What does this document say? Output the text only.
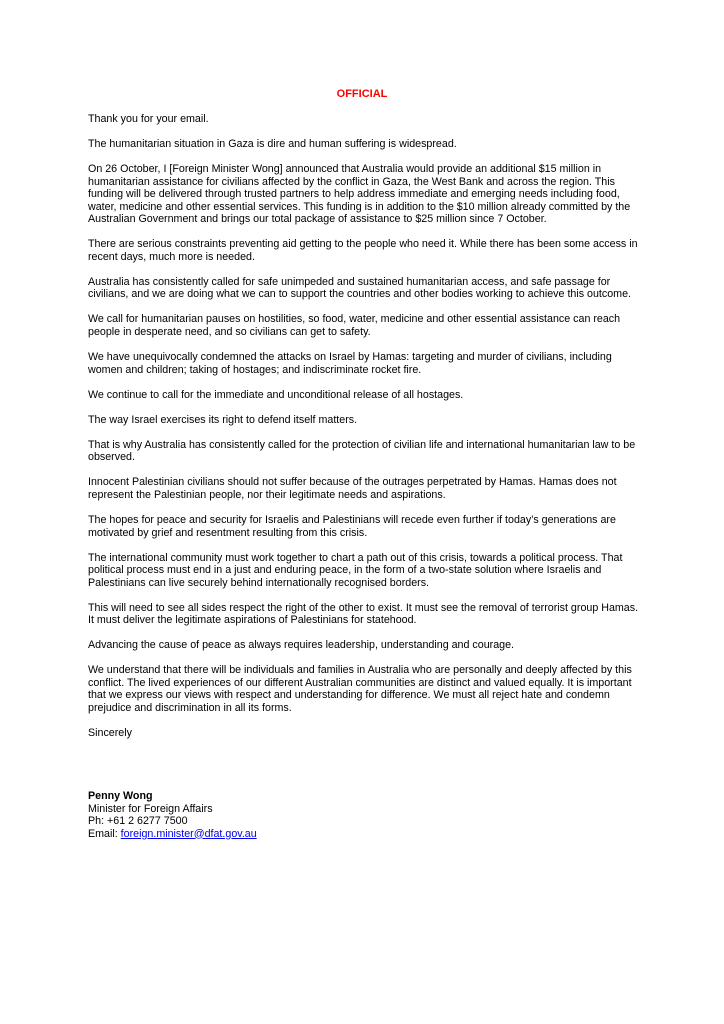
OFFICIAL

Thank you for your email.

The humanitarian situation in Gaza is dire and human suffering is widespread.

On 26 October, I [Foreign Minister Wong] announced that Australia would provide an additional $15 million in humanitarian assistance for civilians affected by the conflict in Gaza, the West Bank and across the region. This funding will be delivered through trusted partners to help address immediate and emerging needs including food, water, medicine and other essential services. This funding is in addition to the $10 million already committed by the Australian Government and brings our total package of assistance to $25 million since 7 October.

There are serious constraints preventing aid getting to the people who need it. While there has been some access in recent days, much more is needed.

Australia has consistently called for safe unimpeded and sustained humanitarian access, and safe passage for civilians, and we are doing what we can to support the countries and other bodies working to achieve this outcome.

We call for humanitarian pauses on hostilities, so food, water, medicine and other essential assistance can reach people in desperate need, and so civilians can get to safety.

We have unequivocally condemned the attacks on Israel by Hamas: targeting and murder of civilians, including women and children; taking of hostages; and indiscriminate rocket fire.

We continue to call for the immediate and unconditional release of all hostages.

The way Israel exercises its right to defend itself matters.

That is why Australia has consistently called for the protection of civilian life and international humanitarian law to be observed.

Innocent Palestinian civilians should not suffer because of the outrages perpetrated by Hamas. Hamas does not represent the Palestinian people, nor their legitimate needs and aspirations.

The hopes for peace and security for Israelis and Palestinians will recede even further if today’s generations are motivated by grief and resentment resulting from this crisis.

The international community must work together to chart a path out of this crisis, towards a political process. That political process must end in a just and enduring peace, in the form of a two-state solution where Israelis and Palestinians can live securely behind internationally recognised borders.

This will need to see all sides respect the right of the other to exist. It must see the removal of terrorist group Hamas. It must deliver the legitimate aspirations of Palestinians for statehood.

Advancing the cause of peace as always requires leadership, understanding and courage.

We understand that there will be individuals and families in Australia who are personally and deeply affected by this conflict. The lived experiences of our different Australian communities are distinct and valued equally. It is important that we express our views with respect and understanding for difference. We must all reject hate and condemn prejudice and discrimination in all its forms.

Sincerely

Penny Wong
Minister for Foreign Affairs
Ph: +61 2 6277 7500
Email: foreign.minister@dfat.gov.au
